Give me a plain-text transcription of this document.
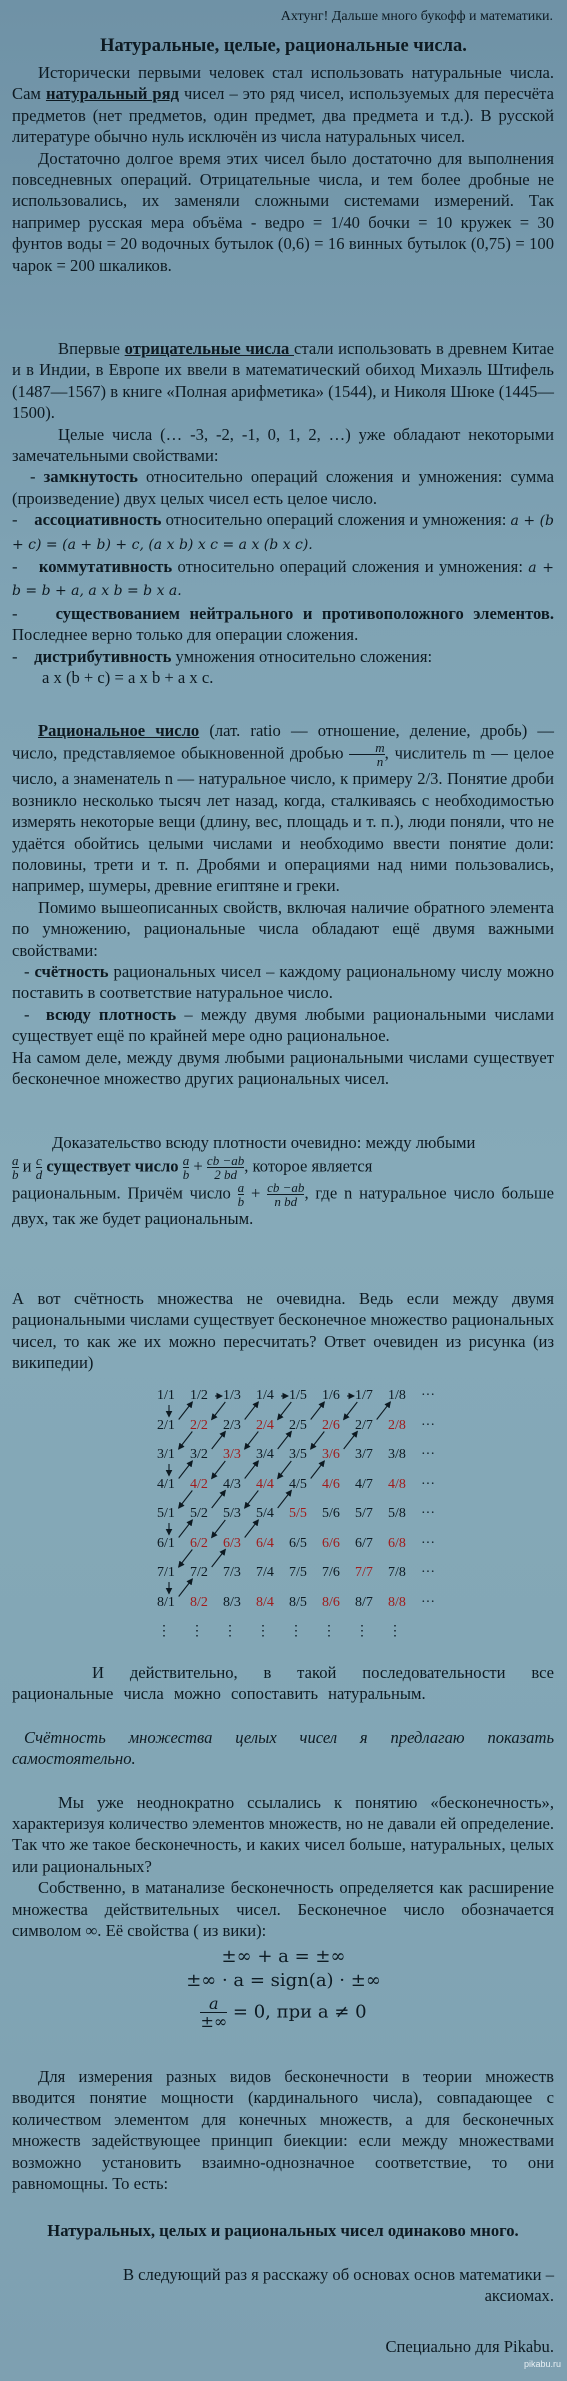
Ахтунг! Дальше много букофф и математики.
Натуральные, целые, рациональные числа.

Исторически первыми человек стал использовать натуральные числа. Сам натуральный ряд чисел – это ряд чисел, используемых для пересчёта предметов (нет предметов, один предмет, два предмета и т.д.). В русской литературе обычно нуль исключён из числа натуральных чисел.

Достаточно долгое время этих чисел было достаточно для выполнения повседневных операций. Отрицательные числа, и тем более дробные не использовались, их заменяли сложными системами измерений. Так например русская мера объёма - ведро = 1/40 бочки = 10 кружек = 30 фунтов воды = 20 водочных бутылок (0,6) = 16 винных бутылок (0,75) = 100 чарок = 200 шкаликов.

Впервые отрицательные числа стали использовать в древнем Китае и в Индии, в Европе их ввели в математический обиход Михаэль Штифель (1487—1567) в книге «Полная арифметика» (1544), и Николя Шюке (1445—1500).

Целые числа (… -3, -2, -1, 0, 1, 2, …) уже обладают некоторыми замечательными свойствами:

- замкнутость относительно операций сложения и умножения: сумма (произведение) двух целых чисел есть целое число.

-    ассоциативность относительно операций сложения и умножения: a + (b + c) = (a + b) + c, (a x b) x c = a x (b x c).

-    коммутативность относительно операций сложения и умножения: a + b = b + a, a x b = b x a.

-    существованием нейтрального и противоположного элементов. Последнее верно только для операции сложения.

-    дистрибутивность умножения относительно сложения:

a x (b + c) = a x b + a x c.

Рациональное число (лат. ratio — отношение, деление, дробь) — число, представляемое обыкновенной дробью $\frac{m}{n}$ , числитель m — целое число, а знаменатель n — натуральное число, к примеру 2/3. Понятие дроби возникло несколько тысяч лет назад, когда, сталкиваясь с необходимостью измерять некоторые вещи (длину, вес, площадь и т. п.), люди поняли, что не удаётся обойтись целыми числами и необходимо ввести понятие доли: половины, трети и т. п. Дробями и операциями над ними пользовались, например, шумеры, древние египтяне и греки.

Помимо вышеописанных свойств, включая наличие обратного элемента по умножению, рациональные числа обладают ещё двумя важными свойствами:

- счётность рациональных чисел – каждому рациональному числу можно поставить в соответствие натуральное число.

-  всюду плотность – между двумя любыми рациональными числами существует ещё по крайней мере одно рациональное.

На самом деле, между двумя любыми рациональными числами существует бесконечное множество других рациональных чисел.

Доказательство всюду плотности очевидно: между любыми

$\frac{a}{b}$ и $\frac{c}{d}$ существует число $\frac{a}{b} + \frac{cb -ab}{2 bd}$ , которое является

рациональным. Причём число $\frac{a}{b} + \frac{cb -ab}{\text{n bd}}$ , где n натуральное число больше двух, так же будет рациональным.

А вот счётность множества не очевидна. Ведь если между двумя рациональными числами существует бесконечное множество рациональных чисел, то как же их можно пересчитать? Ответ очевиден из рисунка (из википедии)

1/1 1/2 1/3 1/4 1/5 1/6 1/7 1/8 ···
2/1 2/2 2/3 2/4 2/5 2/6 2/7 2/8 ···
3/1 3/2 3/3 3/4 3/5 3/6 3/7 3/8 ···
4/1 4/2 4/3 4/4 4/5 4/6 4/7 4/8 ···
5/1 5/2 5/3 5/4 5/5 5/6 5/7 5/8 ···
6/1 6/2 6/3 6/4 6/5 6/6 6/7 6/8 ···
7/1 7/2 7/3 7/4 7/5 7/6 7/7 7/8 ···
8/1 8/2 8/3 8/4 8/5 8/6 8/7 8/8 ···
⋮ ⋮ ⋮ ⋮ ⋮ ⋮ ⋮ ⋮

И действительно, в такой последовательности все рациональные числа можно сопоставить натуральным.

Счётность множества целых чисел я предлагаю показать самостоятельно.

Мы уже неоднократно ссылались к понятию «бесконечность», характеризуя количество элементов множеств, но не давали ей определение. Так что же такое бесконечность, и каких чисел больше, натуральных, целых или рациональных?

Собственно, в матанализе бесконечность определяется как расширение множества действительных чисел. Бесконечное число обозначается символом ∞. Её свойства ( из вики):

±∞ + a = ±∞
±∞ · a = sign(a) · ±∞
$\frac{a}{\pm\infty} = 0$, при a ≠ 0

Для измерения разных видов бесконечности в теории множеств вводится понятие мощности (кардинального числа), совпадающее с количеством элементом для конечных множеств, а для бесконечных множеств задействующее принцип биекции: если между множествами возможно установить взаимно-однозначное соответствие, то они равномощны. То есть:

Натуральных, целых и рациональных чисел одинаково много.

В следующий раз я расскажу об основах основ математики – аксиомах.

Специально для Pikabu.

pikabu.ru
